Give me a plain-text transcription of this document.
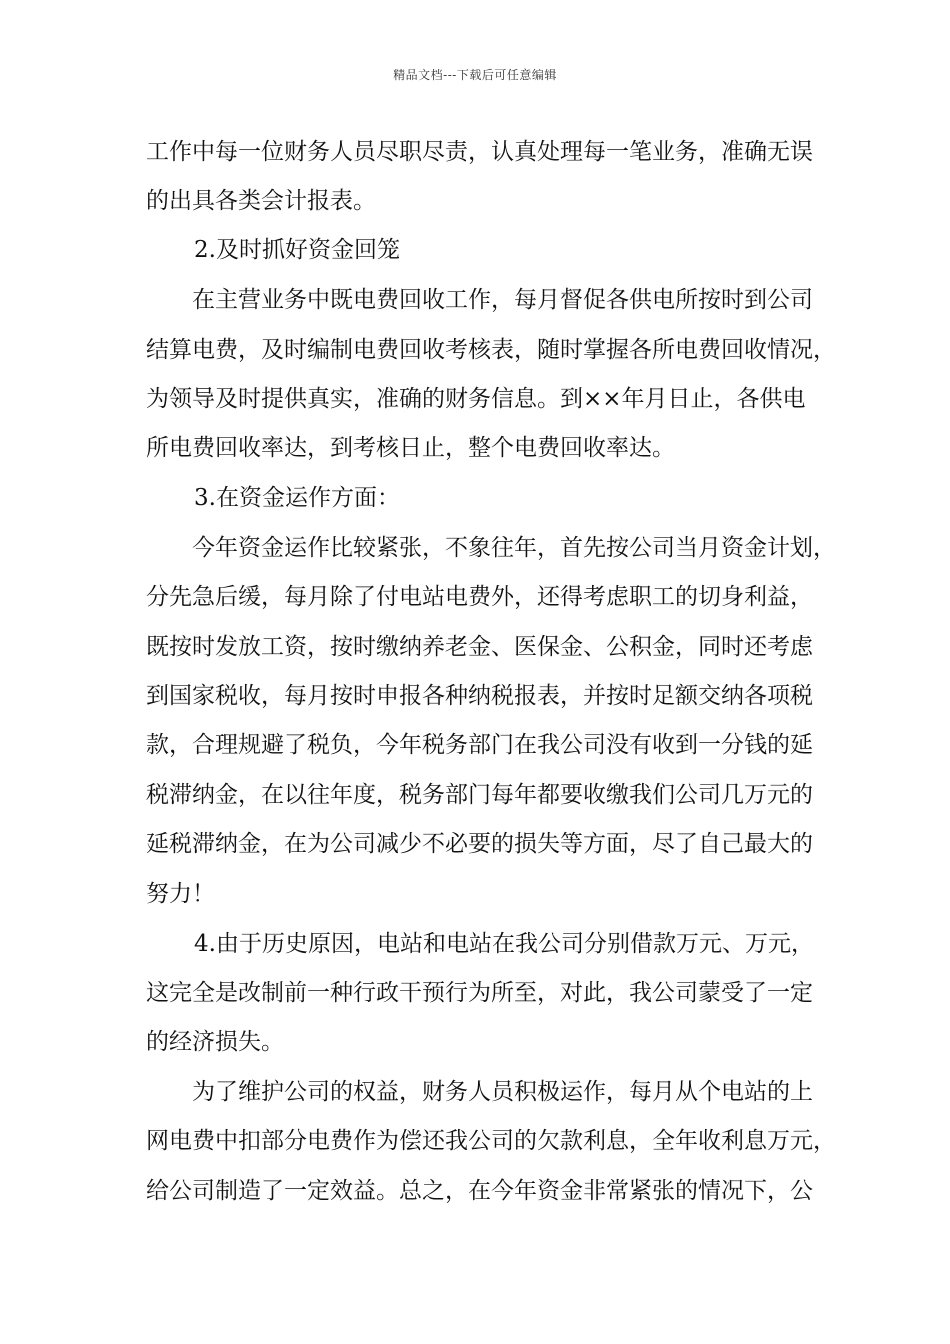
精品文档---下载后可任意编辑
工作中每一位财务人员尽职尽责，认真处理每一笔业务，准确无误
的出具各类会计报表。
2.及时抓好资金回笼
在主营业务中既电费回收工作，每月督促各供电所按时到公司
结算电费，及时编制电费回收考核表，随时掌握各所电费回收情况，
为领导及时提供真实，准确的财务信息。到××年月日止，各供电
所电费回收率达，到考核日止，整个电费回收率达。
3.在资金运作方面：
今年资金运作比较紧张，不象往年，首先按公司当月资金计划，
分先急后缓，每月除了付电站电费外，还得考虑职工的切身利益，
既按时发放工资，按时缴纳养老金、医保金、公积金，同时还考虑
到国家税收，每月按时申报各种纳税报表，并按时足额交纳各项税
款，合理规避了税负，今年税务部门在我公司没有收到一分钱的延
税滞纳金，在以往年度，税务部门每年都要收缴我们公司几万元的
延税滞纳金，在为公司减少不必要的损失等方面，尽了自己最大的
努力！
4.由于历史原因，电站和电站在我公司分别借款万元、万元，
这完全是改制前一种行政干预行为所至，对此，我公司蒙受了一定
的经济损失。
为了维护公司的权益，财务人员积极运作，每月从个电站的上
网电费中扣部分电费作为偿还我公司的欠款利息，全年收利息万元，
给公司制造了一定效益。总之，在今年资金非常紧张的情况下，公
